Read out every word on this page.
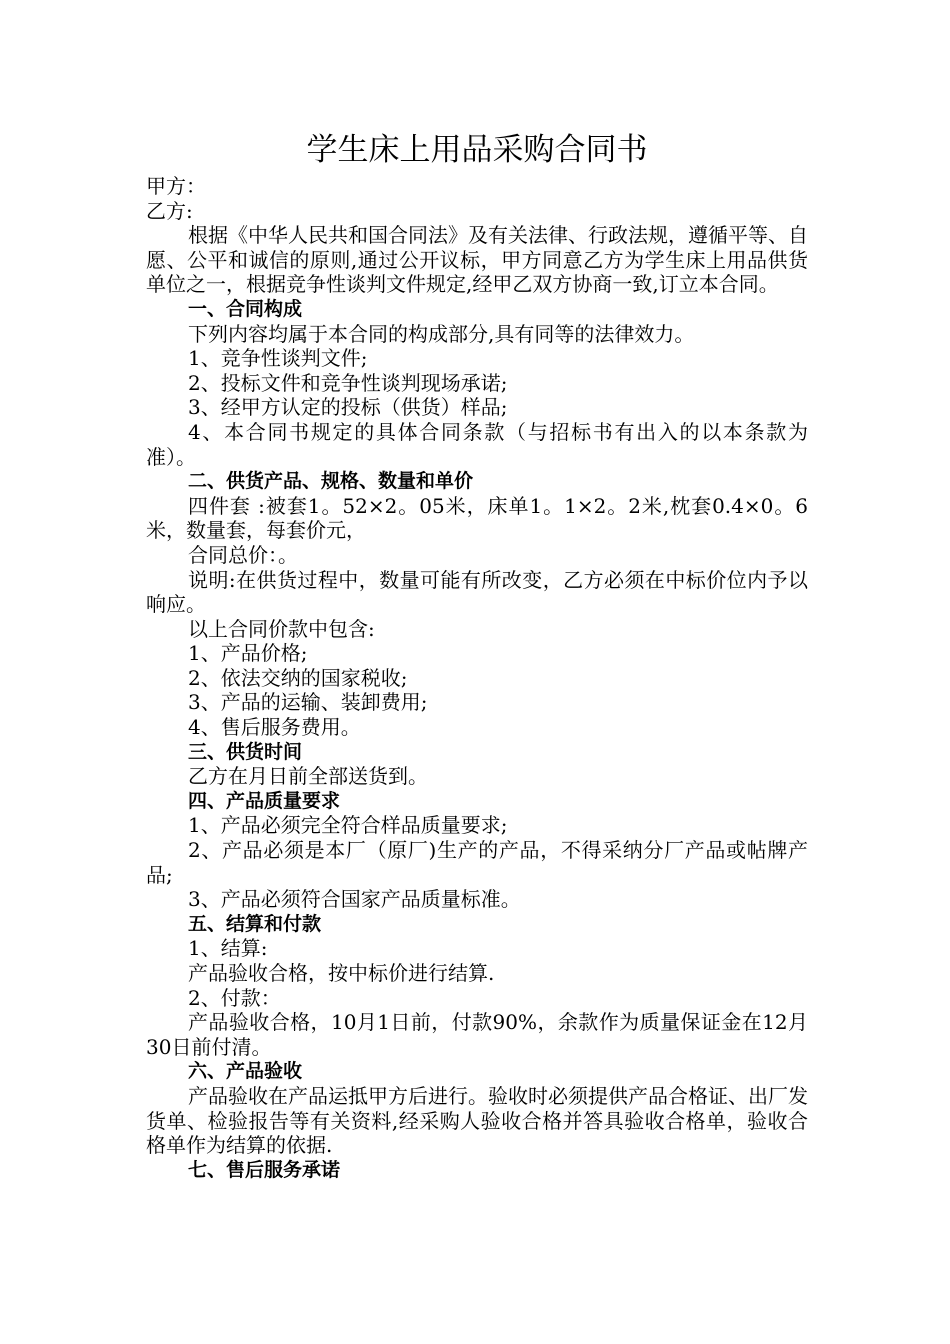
学生床上用品采购合同书

甲方：

乙方:

根据《中华人民共和国合同法》及有关法律、行政法规，遵循平等、自愿、公平和诚信的原则,通过公开议标，甲方同意乙方为学生床上用品供货单位之一，根据竞争性谈判文件规定,经甲乙双方协商一致,订立本合同。

一、合同构成

下列内容均属于本合同的构成部分,具有同等的法律效力。

1、竞争性谈判文件;

2、投标文件和竞争性谈判现场承诺;

3、经甲方认定的投标（供货）样品;

4、本合同书规定的具体合同条款（与招标书有出入的以本条款为准）。

二、供货产品、规格、数量和单价

四件套 :被套1。52×2。05米，床单1。1×2。2米,枕套0.4×0。6米，数量套，每套价元，

合同总价：。

说明:在供货过程中，数量可能有所改变，乙方必须在中标价位内予以响应。

以上合同价款中包含:

1、产品价格;

2、依法交纳的国家税收;

3、产品的运输、装卸费用;

4、售后服务费用。

三、供货时间

乙方在月日前全部送货到。

四、产品质量要求

1、产品必须完全符合样品质量要求;

2、产品必须是本厂（原厂)生产的产品，不得采纳分厂产品或帖牌产品;

3、产品必须符合国家产品质量标准。

五、结算和付款

1、结算:

产品验收合格，按中标价进行结算.

2、付款：

产品验收合格，10月1日前，付款90%，余款作为质量保证金在12月30日前付清。

六、产品验收

产品验收在产品运抵甲方后进行。验收时必须提供产品合格证、出厂发货单、检验报告等有关资料,经采购人验收合格并答具验收合格单，验收合格单作为结算的依据.

七、售后服务承诺
